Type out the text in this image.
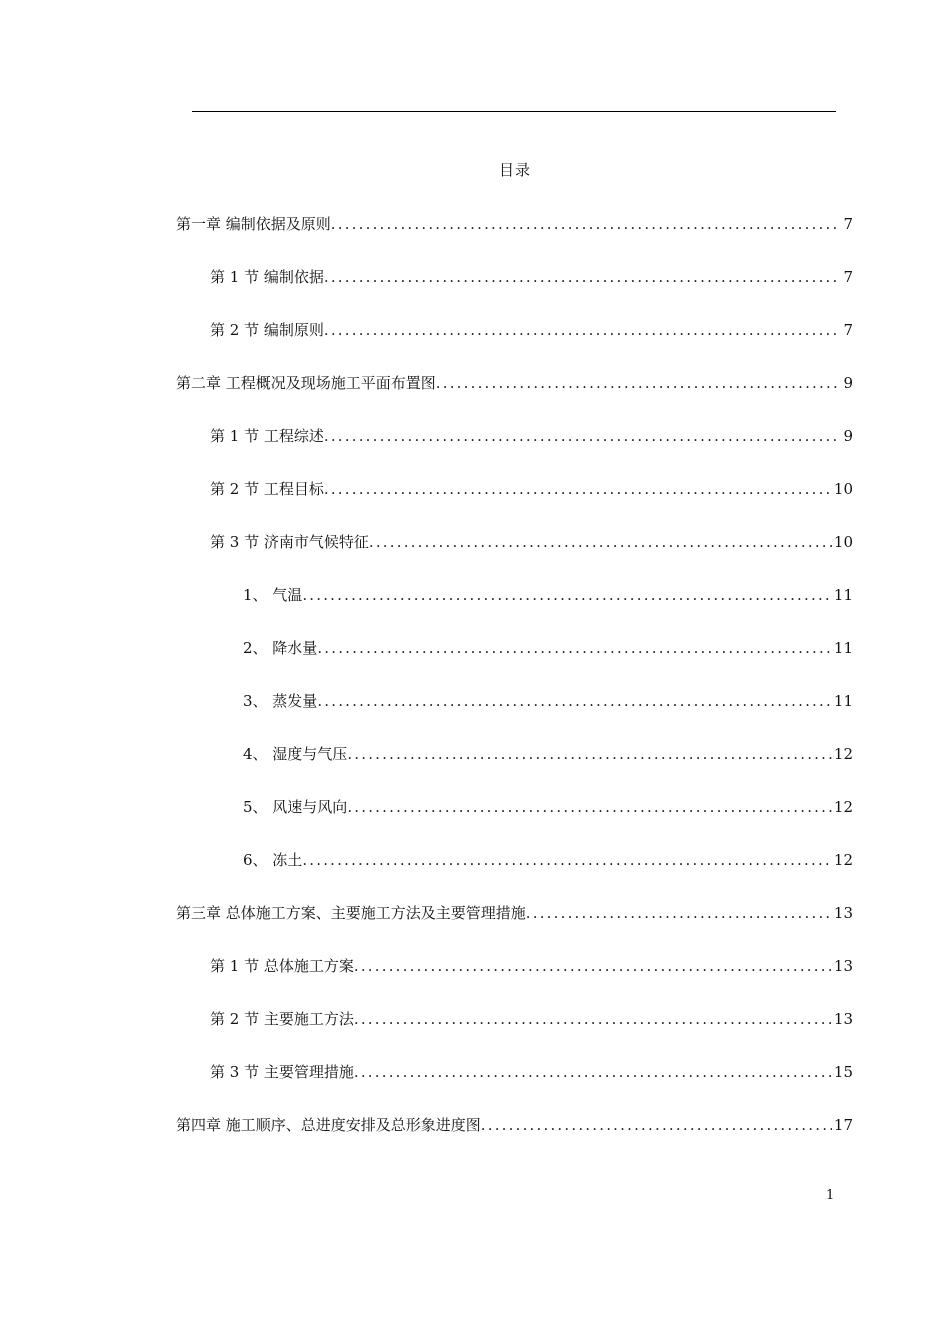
目录
第一章 编制依据及原则 .....	7
第 1 节 编制依据 .....	7
第 2 节 编制原则 .....	7
第二章 工程概况及现场施工平面布置图 .....	9
第 1 节 工程综述 .....	9
第 2 节 工程目标 .....	10
第 3 节 济南市气候特征 .....	10
1、 气温 .....	11
2、 降水量 .....	11
3、 蒸发量 .....	11
4、 湿度与气压 .....	12
5、 风速与风向 .....	12
6、 冻土 .....	12
第三章 总体施工方案、主要施工方法及主要管理措施 .....	13
第 1 节 总体施工方案 .....	13
第 2 节 主要施工方法 .....	13
第 3 节 主要管理措施 .....	15
第四章 施工顺序、总进度安排及总形象进度图 .....	17
1
